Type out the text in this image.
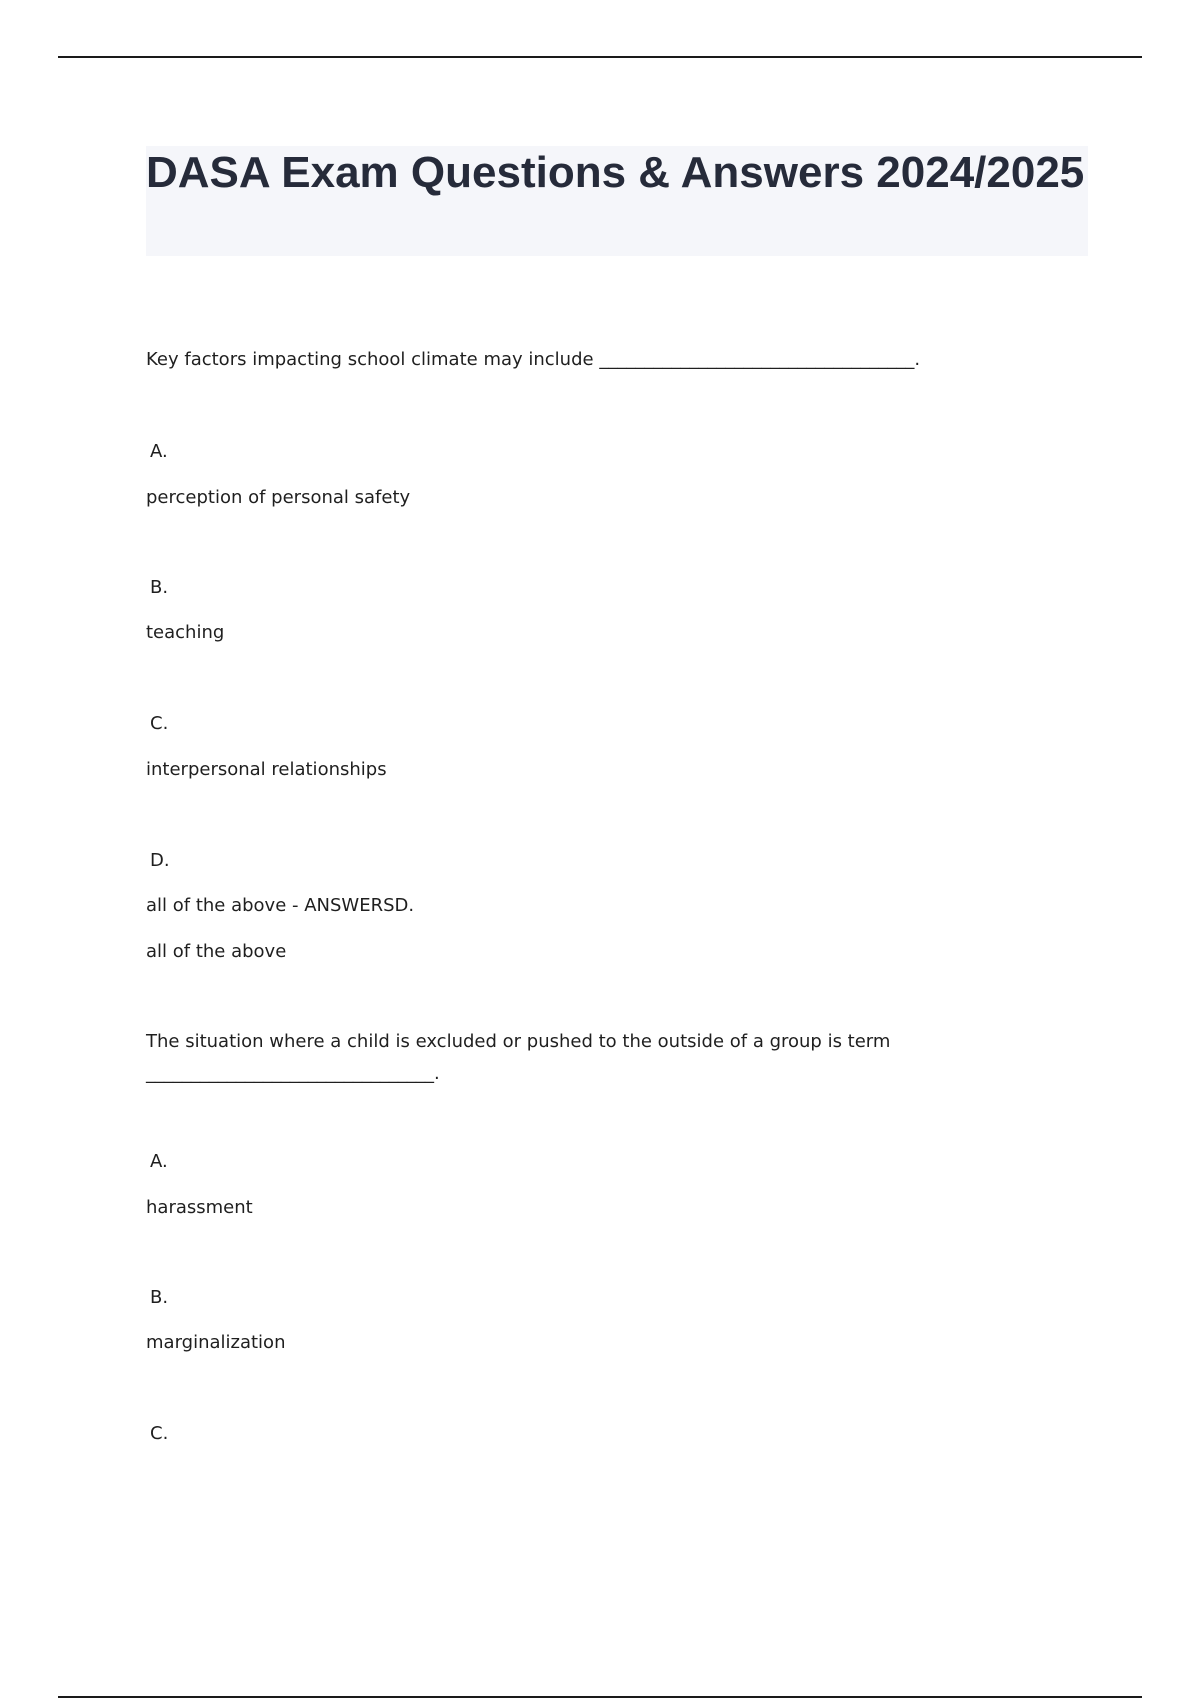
DASA Exam Questions & Answers 2024/2025

Key factors impacting school climate may include ___________________________________.

A.

perception of personal safety

B.

teaching

C.

interpersonal relationships

D.

all of the above - ANSWERSD.

all of the above

The situation where a child is excluded or pushed to the outside of a group is term

________________________________.

A.

harassment

B.

marginalization

C.
